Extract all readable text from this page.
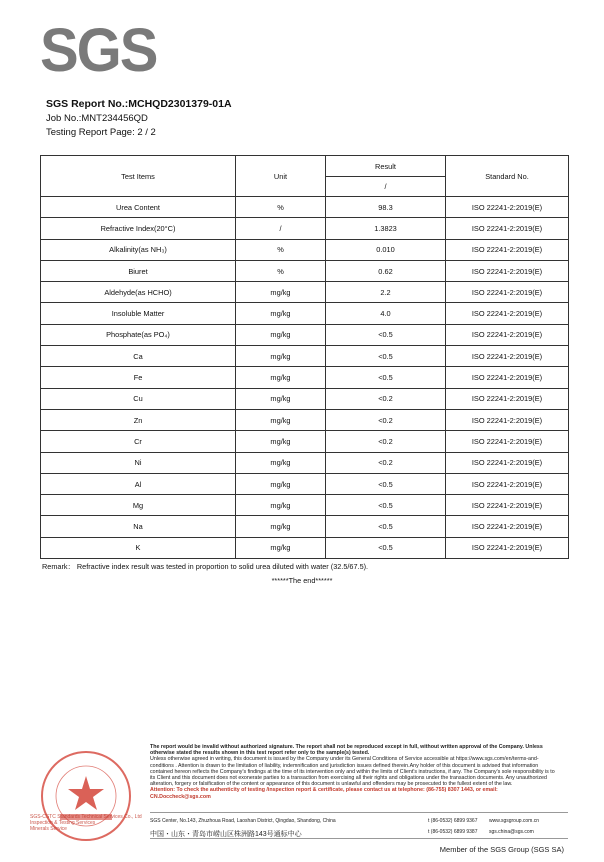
SGS
SGS Report No.:MCHQD2301379-01A
Job No.:MNT234456QD
Testing Report Page: 2 / 2
Test Items	Unit	Result	Standard No.
		/	
Urea Content	%	98.3	ISO 22241-2:2019(E)
Refractive Index(20°C)	/	1.3823	ISO 22241-2:2019(E)
Alkalinity(as NH₃)	%	0.010	ISO 22241-2:2019(E)
Biuret	%	0.62	ISO 22241-2:2019(E)
Aldehyde(as HCHO)	mg/kg	2.2	ISO 22241-2:2019(E)
Insoluble Matter	mg/kg	4.0	ISO 22241-2:2019(E)
Phosphate(as PO₄)	mg/kg	<0.5	ISO 22241-2:2019(E)
Ca	mg/kg	<0.5	ISO 22241-2:2019(E)
Fe	mg/kg	<0.5	ISO 22241-2:2019(E)
Cu	mg/kg	<0.2	ISO 22241-2:2019(E)
Zn	mg/kg	<0.2	ISO 22241-2:2019(E)
Cr	mg/kg	<0.2	ISO 22241-2:2019(E)
Ni	mg/kg	<0.2	ISO 22241-2:2019(E)
Al	mg/kg	<0.5	ISO 22241-2:2019(E)
Mg	mg/kg	<0.5	ISO 22241-2:2019(E)
Na	mg/kg	<0.5	ISO 22241-2:2019(E)
K	mg/kg	<0.5	ISO 22241-2:2019(E)
Remark： Refractive index result was tested in proportion to solid urea diluted with water (32.5/67.5).
******The end******
SGS-CSTC Standards Technical Services Co., Ltd
Inspection & Testing Services
Minerals Service
The report would be invalid without authorized signature. The report shall not be reproduced except in full, without written approval of the Company. Unless otherwise stated the results shown in this test report refer only to the sample(s) tested.
Unless otherwise agreed in writing, this document is issued by the Company under its General Conditions of Service accessible at https://www.sgs.com/en/terms-and-conditions . Attention is drawn to the limitation of liability, indemnification and jurisdiction issues defined therein.Any holder of this document is advised that information contained hereon reflects the Company's findings at the time of its intervention only and within the limits of Client's instructions, if any. The Company's sole responsibility is to its Client and this document does not exonerate parties to a transaction from exercising all their rights and obligations under the transaction documents. Any unauthorized alteration, forgery or falsification of the content or appearance of this document is unlawful and offenders may be prosecuted to the fullest extent of the law.
Attention: To check the authenticity of testing /inspection report & certificate, please contact us at telephone: (86-755) 8307 1443, or email: CN.Doccheck@sgs.com
SGS Center, No.143, Zhuzhoua Road, Laoshan District, Qingdao, Shandong, China
中国・山东・青岛市崂山区株洲路143号通标中心
t (86-0532) 6899 9367
t (86-0532) 6899 9387
www.sgsgroup.com.cn
sgs.china@sgs.com
Member of the SGS Group (SGS SA)
